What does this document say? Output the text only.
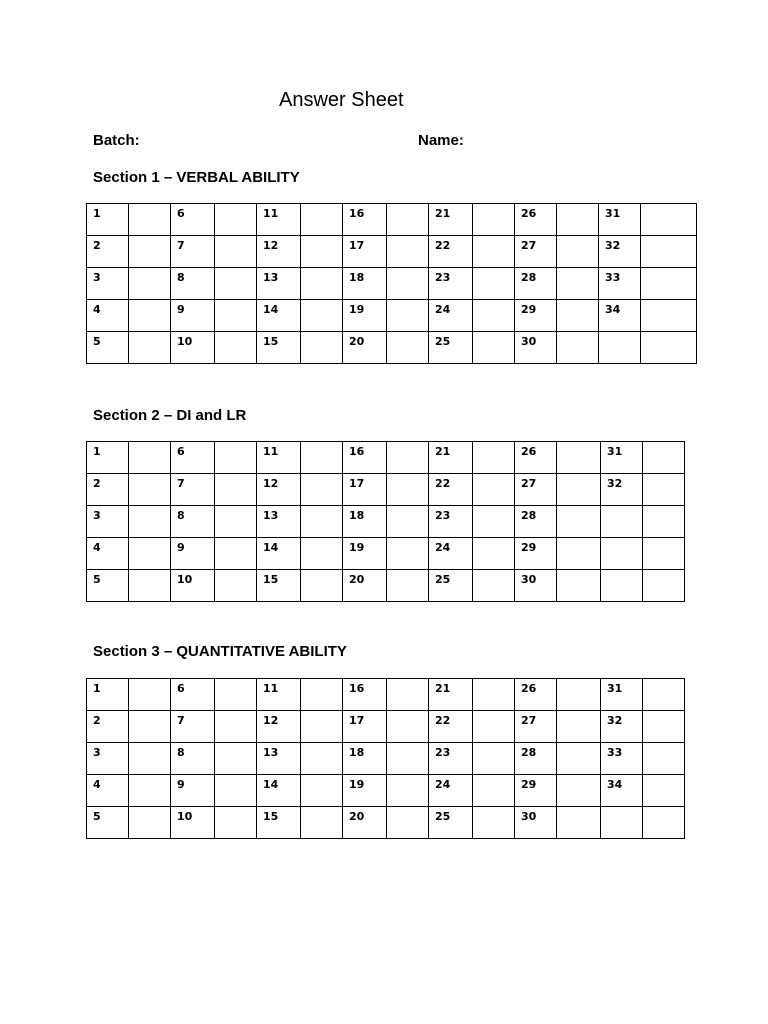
Answer Sheet
Batch:	Name:
Section 1 – VERBAL ABILITY
1		6		11		16		21		26		31	
2		7		12		17		22		27		32	
3		8		13		18		23		28		33	
4		9		14		19		24		29		34	
5		10		15		20		25		30			
Section 2 – DI and LR
1		6		11		16		21		26		31	
2		7		12		17		22		27		32	
3		8		13		18		23		28			
4		9		14		19		24		29			
5		10		15		20		25		30			
Section 3 – QUANTITATIVE ABILITY
1		6		11		16		21		26		31	
2		7		12		17		22		27		32	
3		8		13		18		23		28		33	
4		9		14		19		24		29		34	
5		10		15		20		25		30			
